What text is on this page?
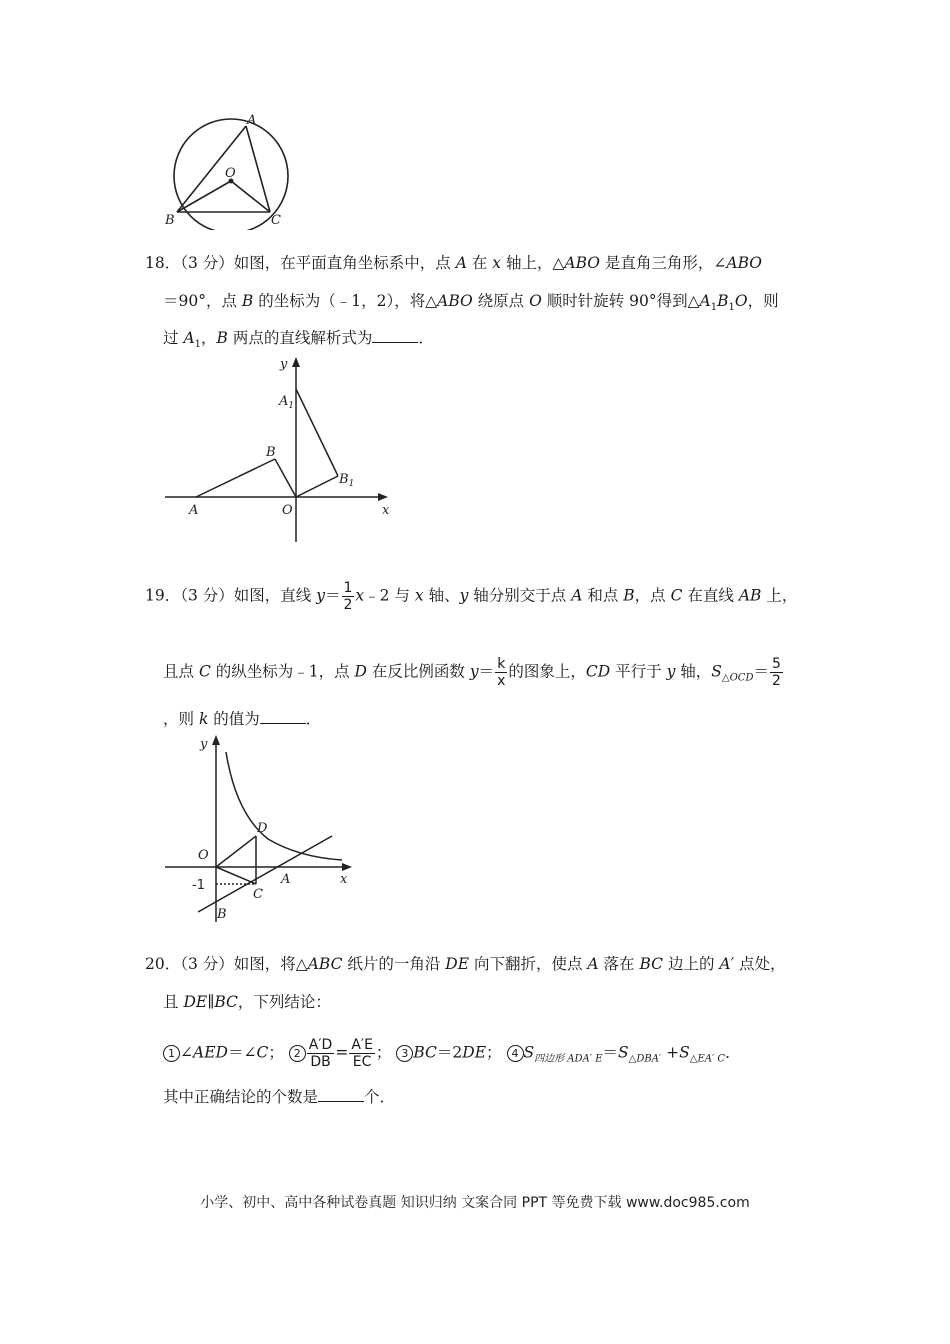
A
O
B	C
18．（3 分）如图，在平面直角坐标系中，点 A 在 x 轴上，△ABO 是直角三角形，∠ABO
＝90°，点 B 的坐标为（﹣1，2），将△ABO 绕原点 O 顺时针旋转 90°得到$\triangle A_1B_1O$，则
过 $A_1$，B 两点的直线解析式为	．
y
x
$A_1$
B
$B_1$
A	O
19．（3 分）如图，直线 $y= \frac{1}{2}$ x﹣2 与 x 轴、y 轴分别交于点 A 和点 B，点 C 在直线 AB 上，
且点 C 的纵坐标为﹣1，点 D 在反比例函数 $y= \frac{k}{x}$ 的图象上，CD 平行于 y 轴，$S_{\triangle OCD}= \frac{5}{2}$
，则 k 的值为	．
y
x
O
D
A
C
B
-1
20．（3 分）如图，将△ABC 纸片的一角沿 DE 向下翻折，使点 A 落在 BC 边上的 A′ 点处，
且 DE∥BC，下列结论：
1 ∠AED＝∠C； $2 \frac{A'D}{DB} = \frac{A'E}{EC}$ ； 3 BC＝2DE； 4 $S_{四边形 ADA' E}=S_{\triangle DBA'} +S_{\triangle EA' C}$．
其中正确结论的个数是	个．
小学、初中、高中各种试卷真题 知识归纳 文案合同 PPT 等免费下载 www.doc985.com
